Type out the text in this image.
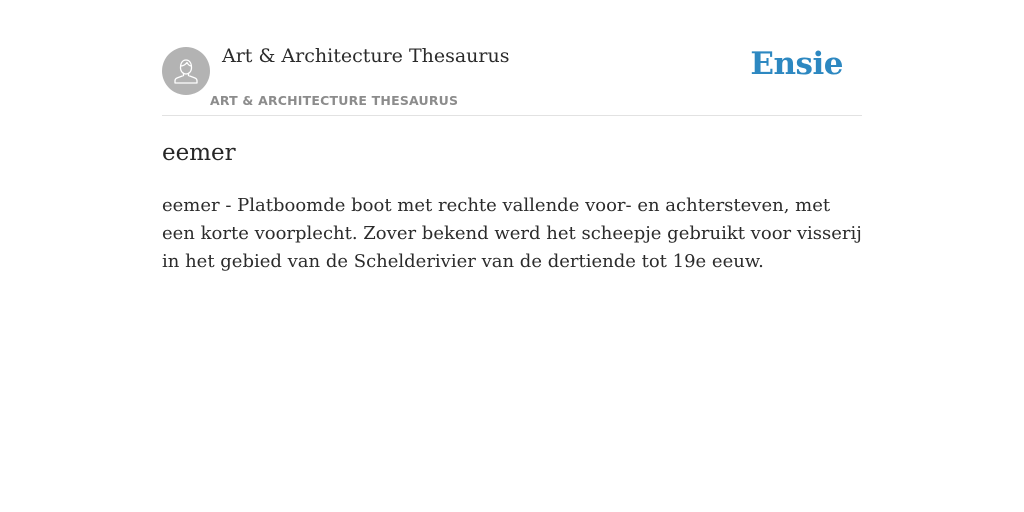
Art & Architecture Thesaurus
ART & ARCHITECTURE THESAURUS
Ensie
eemer

eemer - Platboomde boot met rechte vallende voor- en achtersteven, met een korte voorplecht. Zover bekend werd het scheepje gebruikt voor visserij in het gebied van de Schelderivier van de dertiende tot 19e eeuw.
